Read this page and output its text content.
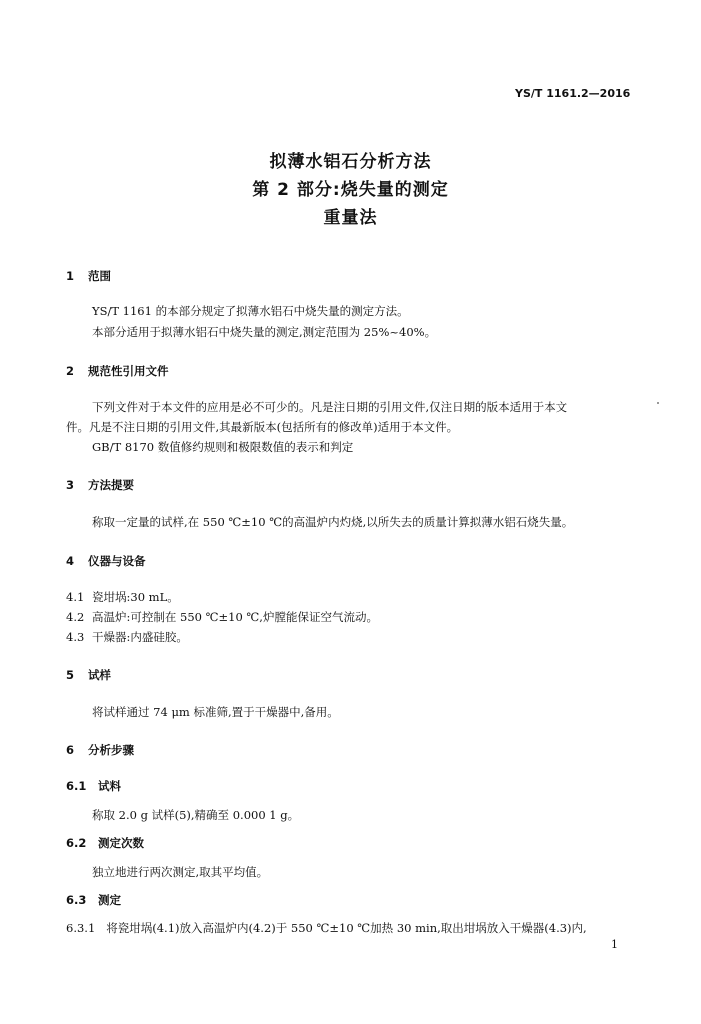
YS/T 1161.2—2016
拟薄水铝石分析方法
第 2 部分:烧失量的测定
重量法
1 范围
YS/T 1161 的本部分规定了拟薄水铝石中烧失量的测定方法。
本部分适用于拟薄水铝石中烧失量的测定,测定范围为 25%~40%。
2 规范性引用文件
下列文件对于本文件的应用是必不可少的。凡是注日期的引用文件,仅注日期的版本适用于本文
件。凡是不注日期的引用文件,其最新版本(包括所有的修改单)适用于本文件。
GB/T 8170 数值修约规则和极限数值的表示和判定
3 方法提要
称取一定量的试样,在 550 ℃±10 ℃的高温炉内灼烧,以所失去的质量计算拟薄水铝石烧失量。
4 仪器与设备
4.1 瓷坩埚:30 mL。
4.2 高温炉:可控制在 550 ℃±10 ℃,炉膛能保证空气流动。
4.3 干燥器:内盛硅胶。
5 试样
将试样通过 74 μm 标准筛,置于干燥器中,备用。
6 分析步骤
6.1 试料
称取 2.0 g 试样(5),精确至 0.000 1 g。
6.2 测定次数
独立地进行两次测定,取其平均值。
6.3 测定
6.3.1 将瓷坩埚(4.1)放入高温炉内(4.2)于 550 ℃±10 ℃加热 30 min,取出坩埚放入干燥器(4.3)内,
1
